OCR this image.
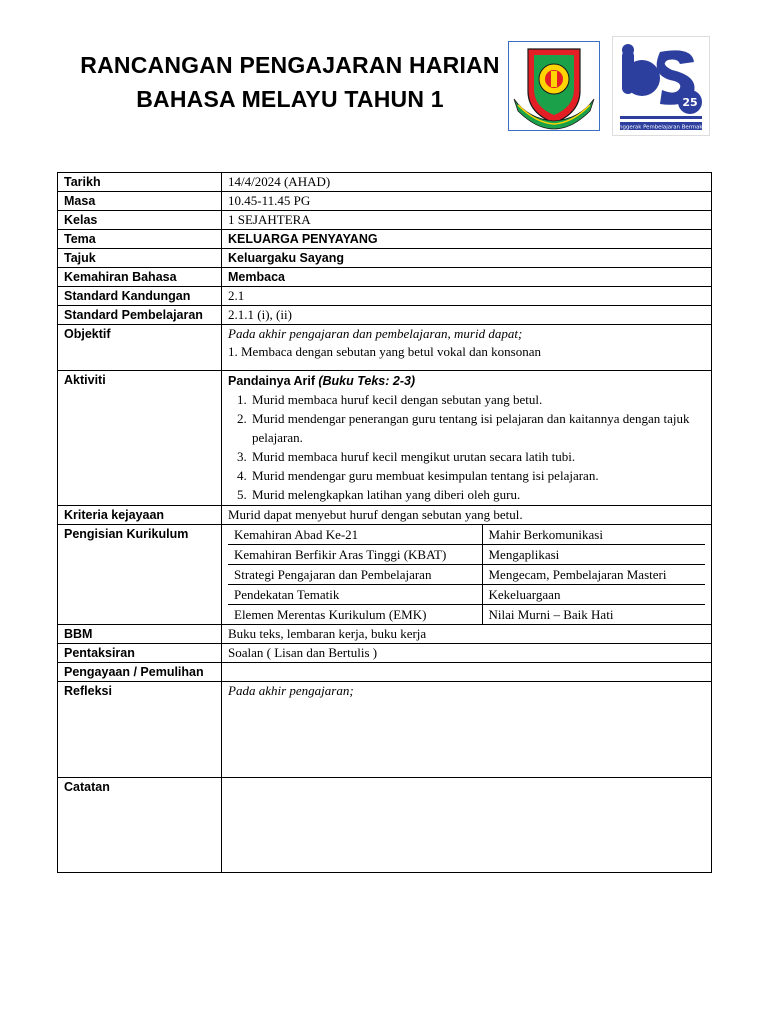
RANCANGAN PENGAJARAN HARIAN
BAHASA MELAYU TAHUN 1	25
Penggerak Pembelajaran Bermakna
Tarikh	14/4/2024 (AHAD)
Masa	10.45-11.45 PG
Kelas	1 SEJAHTERA
Tema	KELUARGA PENYAYANG
Tajuk	Keluargaku Sayang
Kemahiran Bahasa	Membaca
Standard Kandungan	2.1
Standard Pembelajaran	2.1.1 (i), (ii)
Objektif	Pada akhir pengajaran dan pembelajaran, murid dapat;
1. Membaca dengan sebutan yang betul vokal dan konsonan

Aktiviti	Pandainya Arif (Buku Teks: 2-3)
1. Murid membaca huruf kecil dengan sebutan yang betul.
2. Murid mendengar penerangan guru tentang isi pelajaran dan kaitannya dengan tajuk pelajaran.
3. Murid membaca huruf kecil mengikut urutan secara latih tubi.
4. Murid mendengar guru membuat kesimpulan tentang isi pelajaran.
5. Murid melengkapkan latihan yang diberi oleh guru.

Kriteria kejayaan	Murid dapat menyebut huruf dengan sebutan yang betul.
Pengisian Kurikulum		Kemahiran Abad Ke-21	Mahir Berkomunikasi
Kemahiran Berfikir Aras Tinggi (KBAT)	Mengaplikasi
Strategi Pengajaran dan Pembelajaran	Mengecam, Pembelajaran Masteri
Pendekatan Tematik	Kekeluargaan
Elemen Merentas Kurikulum (EMK)	Nilai Murni – Baik Hati

BBM	Buku teks, lembaran kerja, buku kerja
Pentaksiran	Soalan ( Lisan dan Bertulis )
Pengayaan / Pemulihan	
Refleksi	Pada akhir pengajaran;
Catatan	
